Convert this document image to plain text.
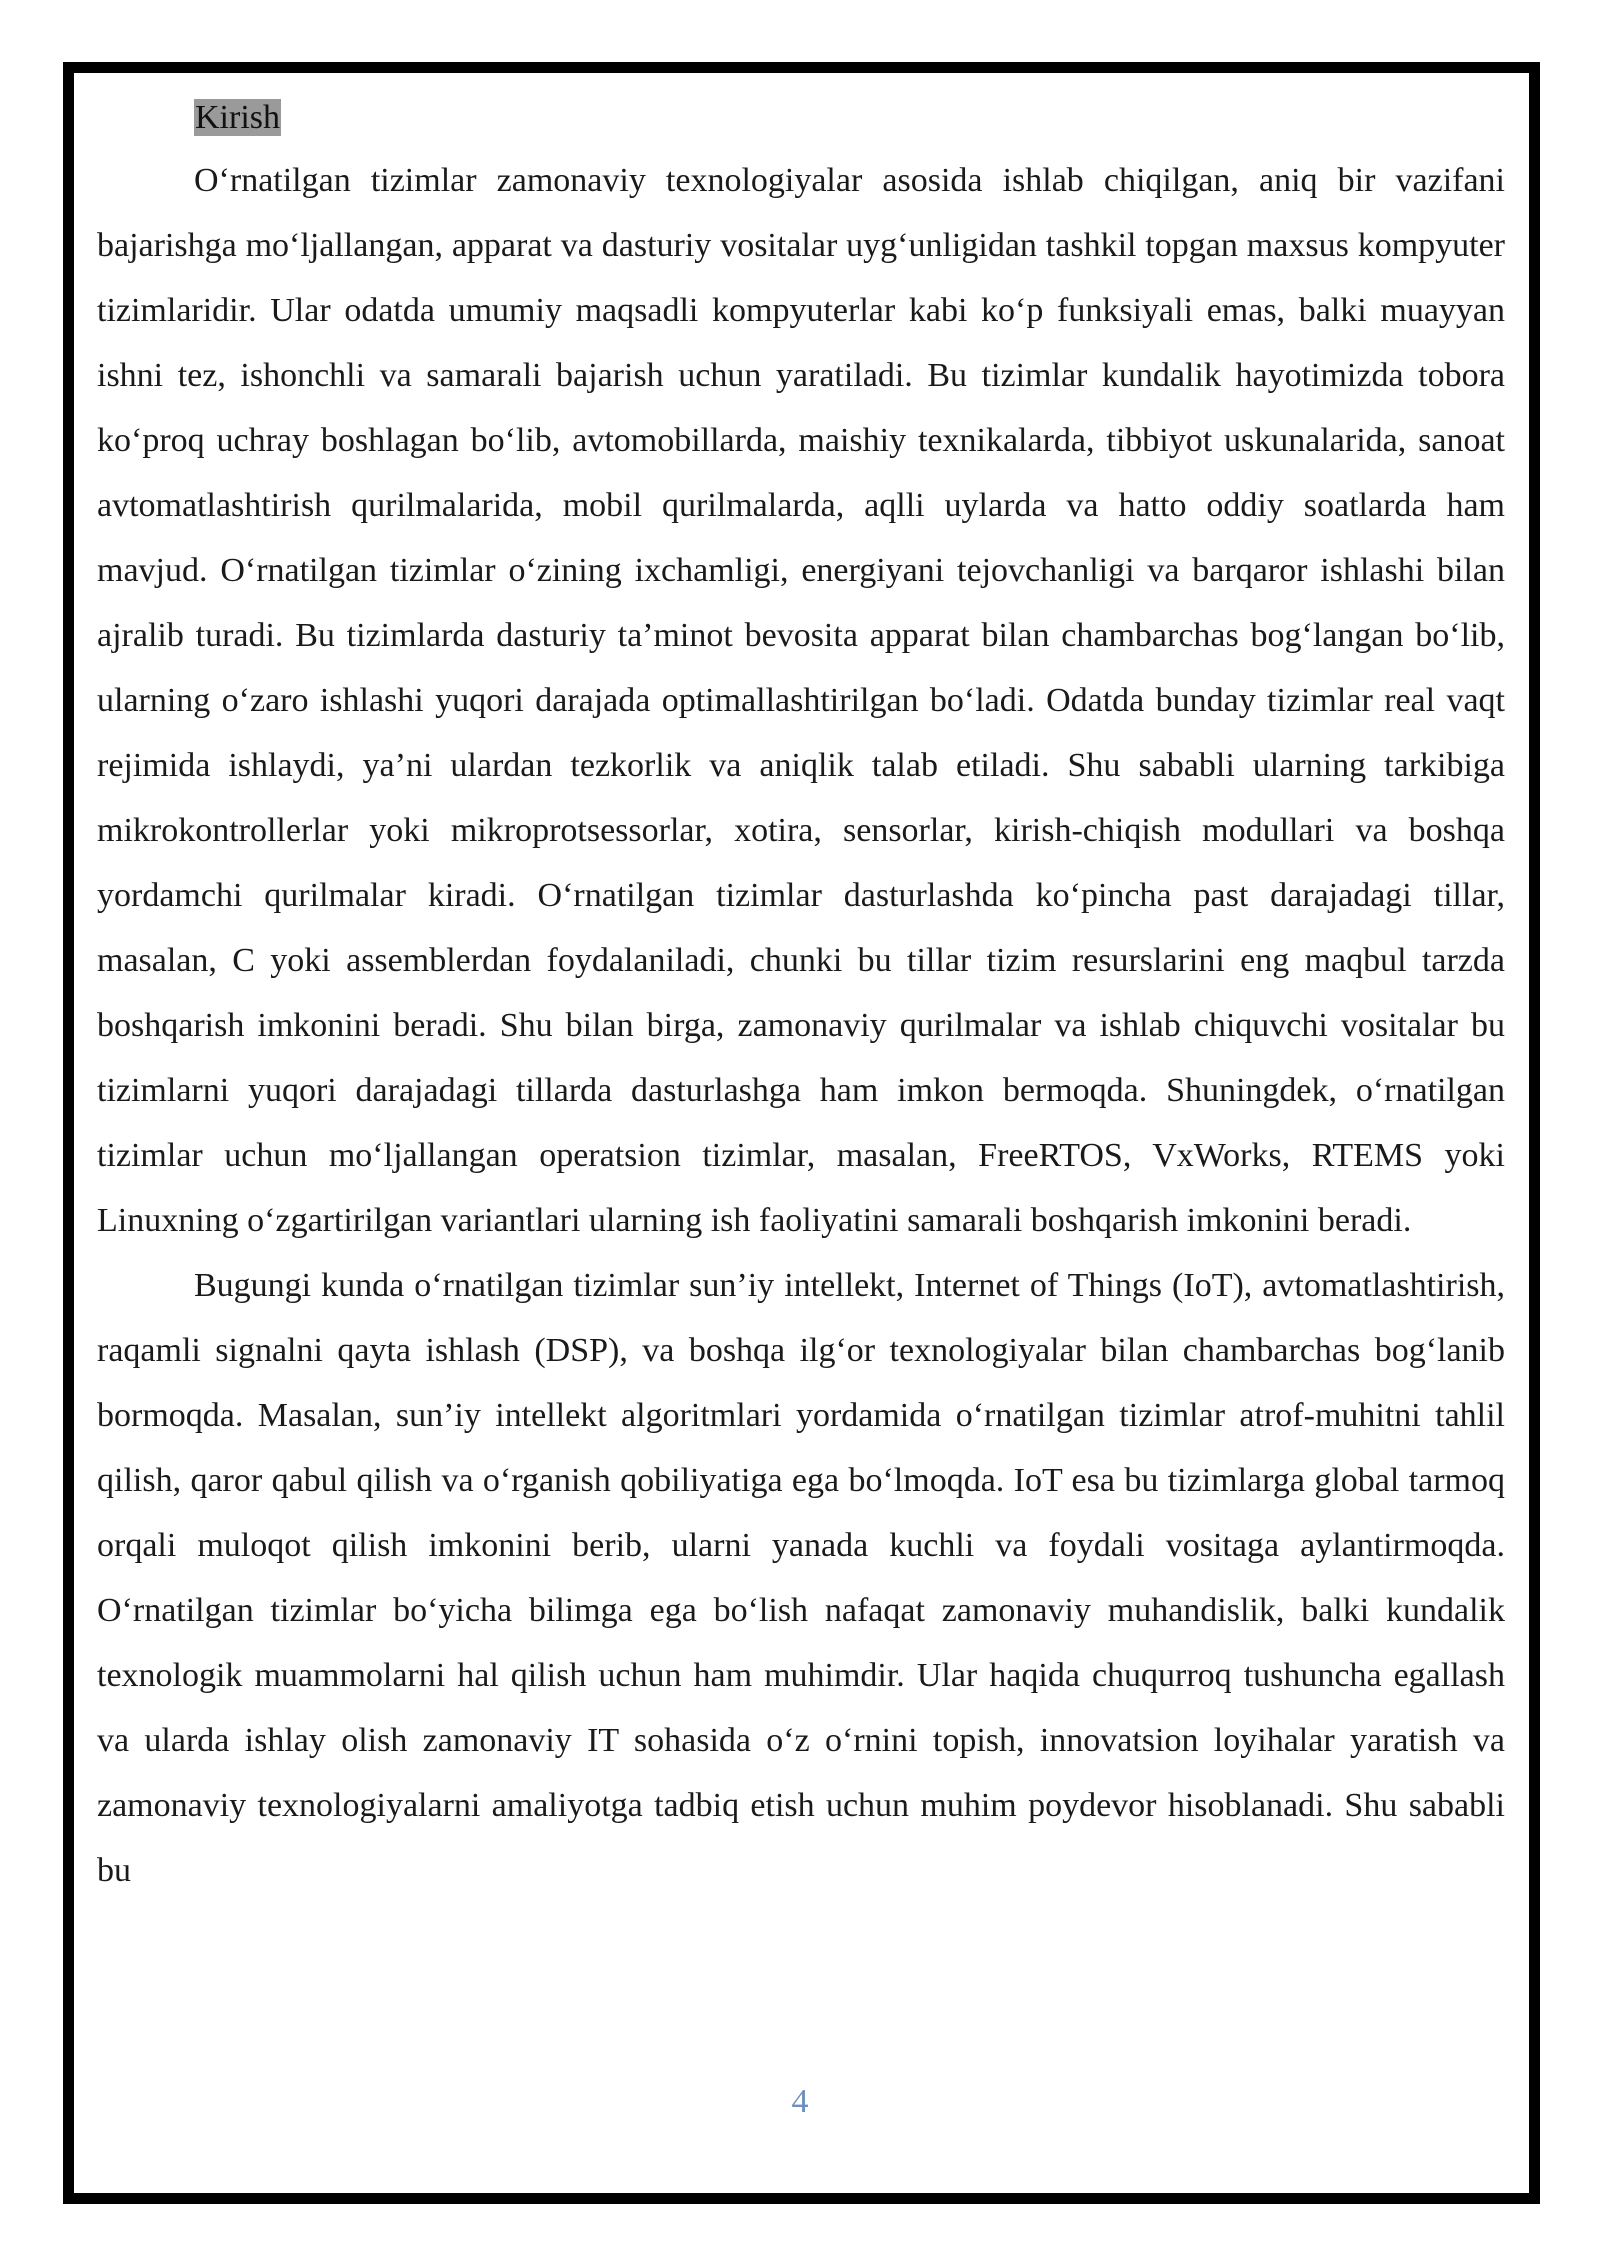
Kirish

O‘rnatilgan tizimlar zamonaviy texnologiyalar asosida ishlab chiqilgan, aniq bir vazifani bajarishga mo‘ljallangan, apparat va dasturiy vositalar uyg‘unligidan tashkil topgan maxsus kompyuter tizimlaridir. Ular odatda umumiy maqsadli kompyuterlar kabi ko‘p funksiyali emas, balki muayyan ishni tez, ishonchli va samarali bajarish uchun yaratiladi. Bu tizimlar kundalik hayotimizda tobora ko‘proq uchray boshlagan bo‘lib, avtomobillarda, maishiy texnikalarda, tibbiyot uskunalarida, sanoat avtomatlashtirish qurilmalarida, mobil qurilmalarda, aqlli uylarda va hatto oddiy soatlarda ham mavjud. O‘rnatilgan tizimlar o‘zining ixchamligi, energiyani tejovchanligi va barqaror ishlashi bilan ajralib turadi. Bu tizimlarda dasturiy ta’minot bevosita apparat bilan chambarchas bog‘langan bo‘lib, ularning o‘zaro ishlashi yuqori darajada optimallashtirilgan bo‘ladi. Odatda bunday tizimlar real vaqt rejimida ishlaydi, ya’ni ulardan tezkorlik va aniqlik talab etiladi. Shu sababli ularning tarkibiga mikrokontrollerlar yoki mikroprotsessorlar, xotira, sensorlar, kirish-chiqish modullari va boshqa yordamchi qurilmalar kiradi. O‘rnatilgan tizimlar dasturlashda ko‘pincha past darajadagi tillar, masalan, C yoki assemblerdan foydalaniladi, chunki bu tillar tizim resurslarini eng maqbul tarzda boshqarish imkonini beradi. Shu bilan birga, zamonaviy qurilmalar va ishlab chiquvchi vositalar bu tizimlarni yuqori darajadagi tillarda dasturlashga ham imkon bermoqda. Shuningdek, o‘rnatilgan tizimlar uchun mo‘ljallangan operatsion tizimlar, masalan, FreeRTOS, VxWorks, RTEMS yoki Linuxning o‘zgartirilgan variantlari ularning ish faoliyatini samarali boshqarish imkonini beradi.

Bugungi kunda o‘rnatilgan tizimlar sun’iy intellekt, Internet of Things (IoT), avtomatlashtirish, raqamli signalni qayta ishlash (DSP), va boshqa ilg‘or texnologiyalar bilan chambarchas bog‘lanib bormoqda. Masalan, sun’iy intellekt algoritmlari yordamida o‘rnatilgan tizimlar atrof-muhitni tahlil qilish, qaror qabul qilish va o‘rganish qobiliyatiga ega bo‘lmoqda. IoT esa bu tizimlarga global tarmoq orqali muloqot qilish imkonini berib, ularni yanada kuchli va foydali vositaga aylantirmoqda. O‘rnatilgan tizimlar bo‘yicha bilimga ega bo‘lish nafaqat zamonaviy muhandislik, balki kundalik texnologik muammolarni hal qilish uchun ham muhimdir. Ular haqida chuqurroq tushuncha egallash va ularda ishlay olish zamonaviy IT sohasida o‘z o‘rnini topish, innovatsion loyihalar yaratish va zamonaviy texnologiyalarni amaliyotga tadbiq etish uchun muhim poydevor hisoblanadi. Shu sababli bu

4
